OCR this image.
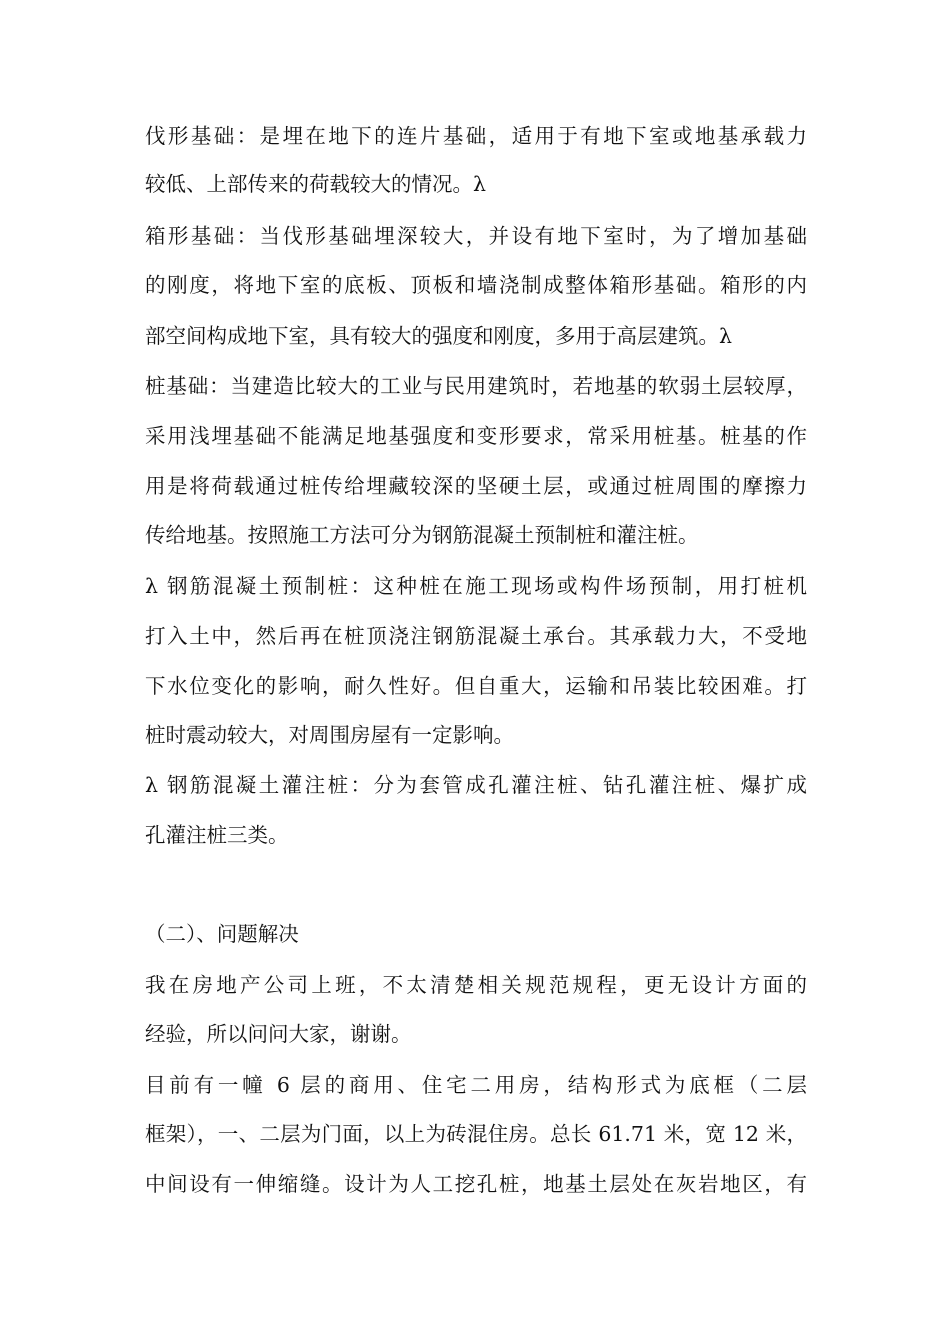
伐形基础：是埋在地下的连片基础，适用于有地下室或地基承载力
较低、上部传来的荷载较大的情况。λ
箱形基础：当伐形基础埋深较大，并设有地下室时，为了增加基础
的刚度，将地下室的底板、顶板和墙浇制成整体箱形基础。箱形的内
部空间构成地下室，具有较大的强度和刚度，多用于高层建筑。λ
桩基础：当建造比较大的工业与民用建筑时，若地基的软弱土层较厚，
采用浅埋基础不能满足地基强度和变形要求，常采用桩基。桩基的作
用是将荷载通过桩传给埋藏较深的坚硬土层，或通过桩周围的摩擦力
传给地基。按照施工方法可分为钢筋混凝土预制桩和灌注桩。
λ 钢筋混凝土预制桩：这种桩在施工现场或构件场预制，用打桩机
打入土中，然后再在桩顶浇注钢筋混凝土承台。其承载力大，不受地
下水位变化的影响，耐久性好。但自重大，运输和吊装比较困难。打
桩时震动较大，对周围房屋有一定影响。
λ 钢筋混凝土灌注桩：分为套管成孔灌注桩、钻孔灌注桩、爆扩成
孔灌注桩三类。
（二）、问题解决
我在房地产公司上班，不太清楚相关规范规程，更无设计方面的
经验，所以问问大家，谢谢。
目前有一幢 6 层的商用、住宅二用房，结构形式为底框（二层
框架），一、二层为门面，以上为砖混住房。总长 61.71 米，宽 12 米，
中间设有一伸缩缝。设计为人工挖孔桩，地基土层处在灰岩地区，有
